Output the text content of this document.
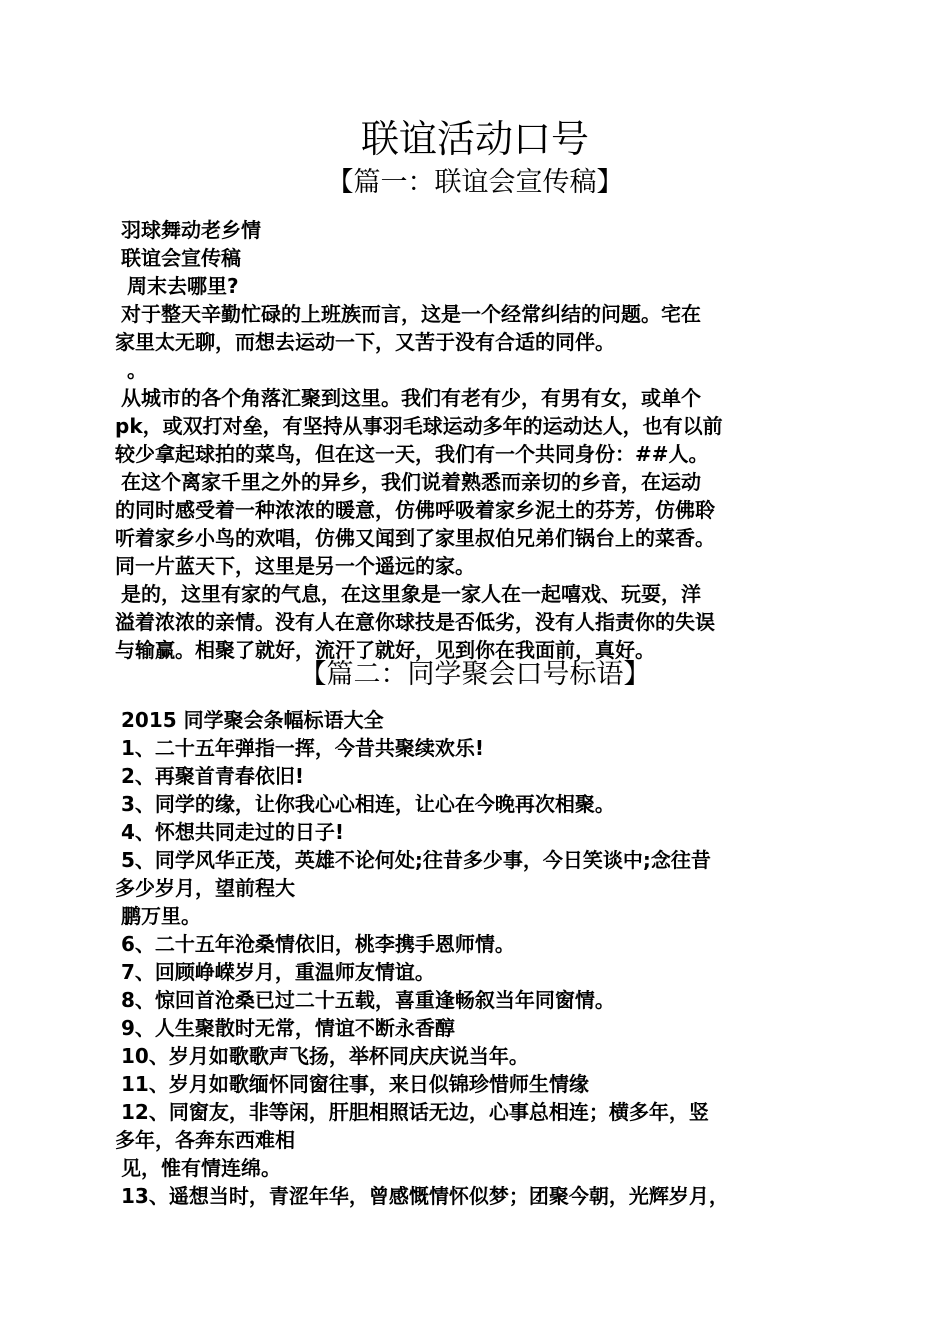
联谊活动口号
【篇一：联谊会宣传稿】
羽球舞动老乡情
联谊会宣传稿
周末去哪里?
对于整天辛勤忙碌的上班族而言，这是一个经常纠结的问题。宅在
家里太无聊，而想去运动一下，又苦于没有合适的同伴。
。
从城市的各个角落汇聚到这里。我们有老有少，有男有女，或单个
pk，或双打对垒，有坚持从事羽毛球运动多年的运动达人，也有以前
较少拿起球拍的菜鸟，但在这一天，我们有一个共同身份：##人。
在这个离家千里之外的异乡，我们说着熟悉而亲切的乡音，在运动
的同时感受着一种浓浓的暖意，仿佛呼吸着家乡泥土的芬芳，仿佛聆
听着家乡小鸟的欢唱，仿佛又闻到了家里叔伯兄弟们锅台上的菜香。
同一片蓝天下，这里是另一个遥远的家。
是的，这里有家的气息，在这里象是一家人在一起嘻戏、玩耍，洋
溢着浓浓的亲情。没有人在意你球技是否低劣，没有人指责你的失误
与输赢。相聚了就好，流汗了就好，见到你在我面前，真好。
【篇二：同学聚会口号标语】
2015 同学聚会条幅标语大全
1、二十五年弹指一挥，今昔共聚续欢乐!
2、再聚首青春依旧!
3、同学的缘，让你我心心相连，让心在今晚再次相聚。
4、怀想共同走过的日子!
5、同学风华正茂，英雄不论何处;往昔多少事，今日笑谈中;念往昔
多少岁月，望前程大
鹏万里。
6、二十五年沧桑情依旧，桃李携手恩师情。
7、回顾峥嵘岁月，重温师友情谊。
8、惊回首沧桑已过二十五载，喜重逢畅叙当年同窗情。
9、人生聚散时无常，情谊不断永香醇
10、岁月如歌歌声飞扬，举杯同庆庆说当年。
11、岁月如歌缅怀同窗往事，来日似锦珍惜师生情缘
12、同窗友，非等闲，肝胆相照话无边，心事总相连；横多年，竖
多年，各奔东西难相
见，惟有情连绵。
13、遥想当时，青涩年华，曾感慨情怀似梦；团聚今朝，光辉岁月，
